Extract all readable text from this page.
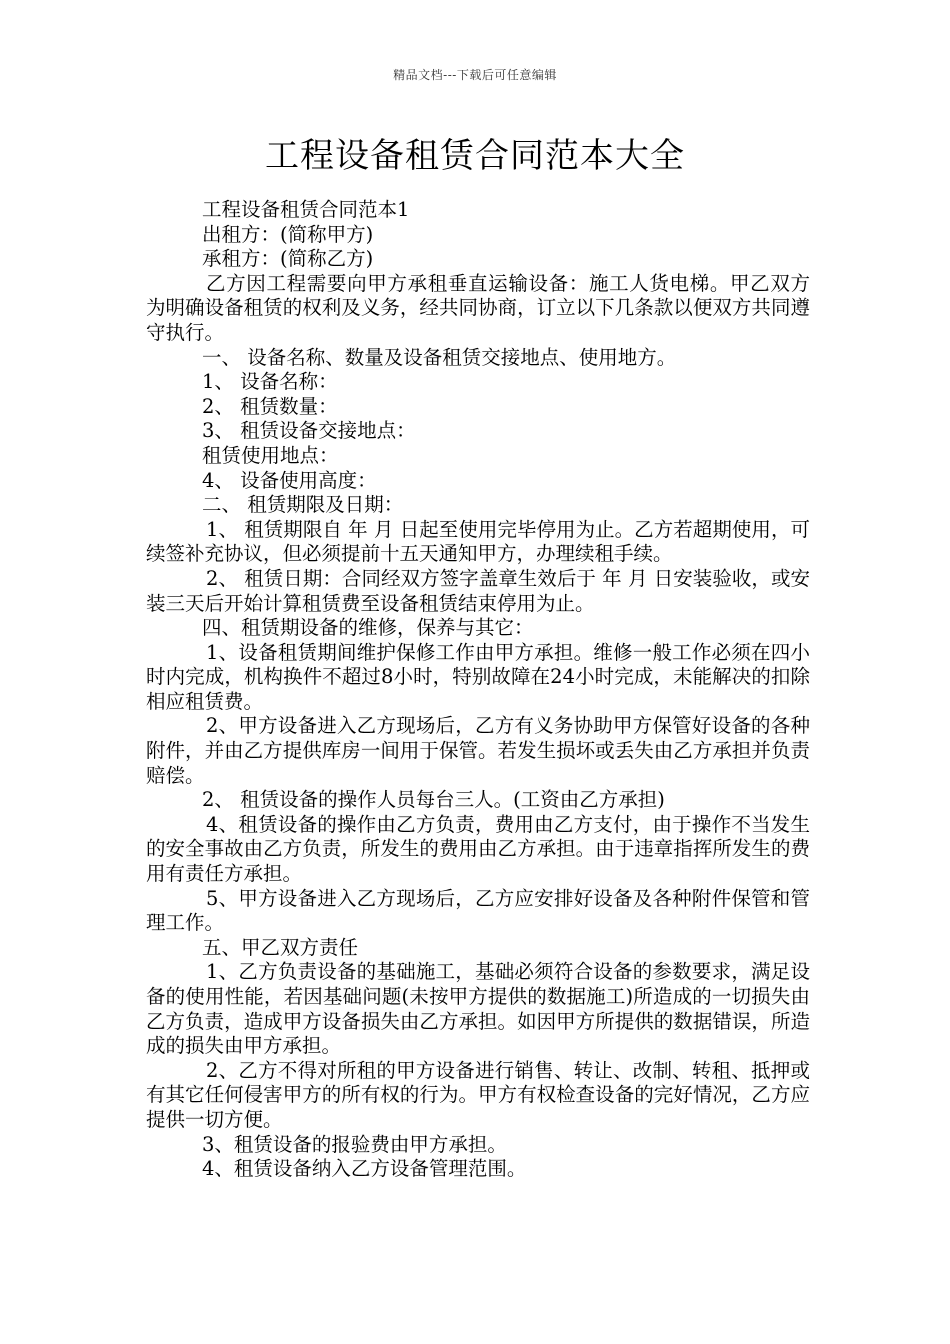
精品文档---下载后可任意编辑
工程设备租赁合同范本大全

工程设备租赁合同范本1

出租方：(简称甲方)

承租方：(简称乙方)

乙方因工程需要向甲方承租垂直运输设备：施工人货电梯。甲乙双方为明确设备租赁的权利及义务，经共同协商，订立以下几条款以便双方共同遵守执行。

一、 设备名称、数量及设备租赁交接地点、使用地方。

1、 设备名称：

2、 租赁数量：

3、 租赁设备交接地点：

租赁使用地点：

4、 设备使用高度：

二、 租赁期限及日期：

1、 租赁期限自 年 月 日起至使用完毕停用为止。乙方若超期使用，可续签补充协议，但必须提前十五天通知甲方，办理续租手续。

2、 租赁日期：合同经双方签字盖章生效后于 年 月 日安装验收，或安装三天后开始计算租赁费至设备租赁结束停用为止。

四、租赁期设备的维修，保养与其它：

1、设备租赁期间维护保修工作由甲方承担。维修一般工作必须在四小时内完成，机构换件不超过8小时，特别故障在24小时完成，未能解决的扣除相应租赁费。

2、甲方设备进入乙方现场后，乙方有义务协助甲方保管好设备的各种附件，并由乙方提供库房一间用于保管。若发生损坏或丢失由乙方承担并负责赔偿。

2、 租赁设备的操作人员每台三人。(工资由乙方承担)

4、租赁设备的操作由乙方负责，费用由乙方支付，由于操作不当发生的安全事故由乙方负责，所发生的费用由乙方承担。由于违章指挥所发生的费用有责任方承担。

5、甲方设备进入乙方现场后，乙方应安排好设备及各种附件保管和管理工作。

五、甲乙双方责任

1、乙方负责设备的基础施工，基础必须符合设备的参数要求，满足设备的使用性能，若因基础问题(未按甲方提供的数据施工)所造成的一切损失由乙方负责，造成甲方设备损失由乙方承担。如因甲方所提供的数据错误，所造成的损失由甲方承担。

2、乙方不得对所租的甲方设备进行销售、转让、改制、转租、抵押或有其它任何侵害甲方的所有权的行为。甲方有权检查设备的完好情况，乙方应提供一切方便。

3、租赁设备的报验费由甲方承担。

4、租赁设备纳入乙方设备管理范围。
